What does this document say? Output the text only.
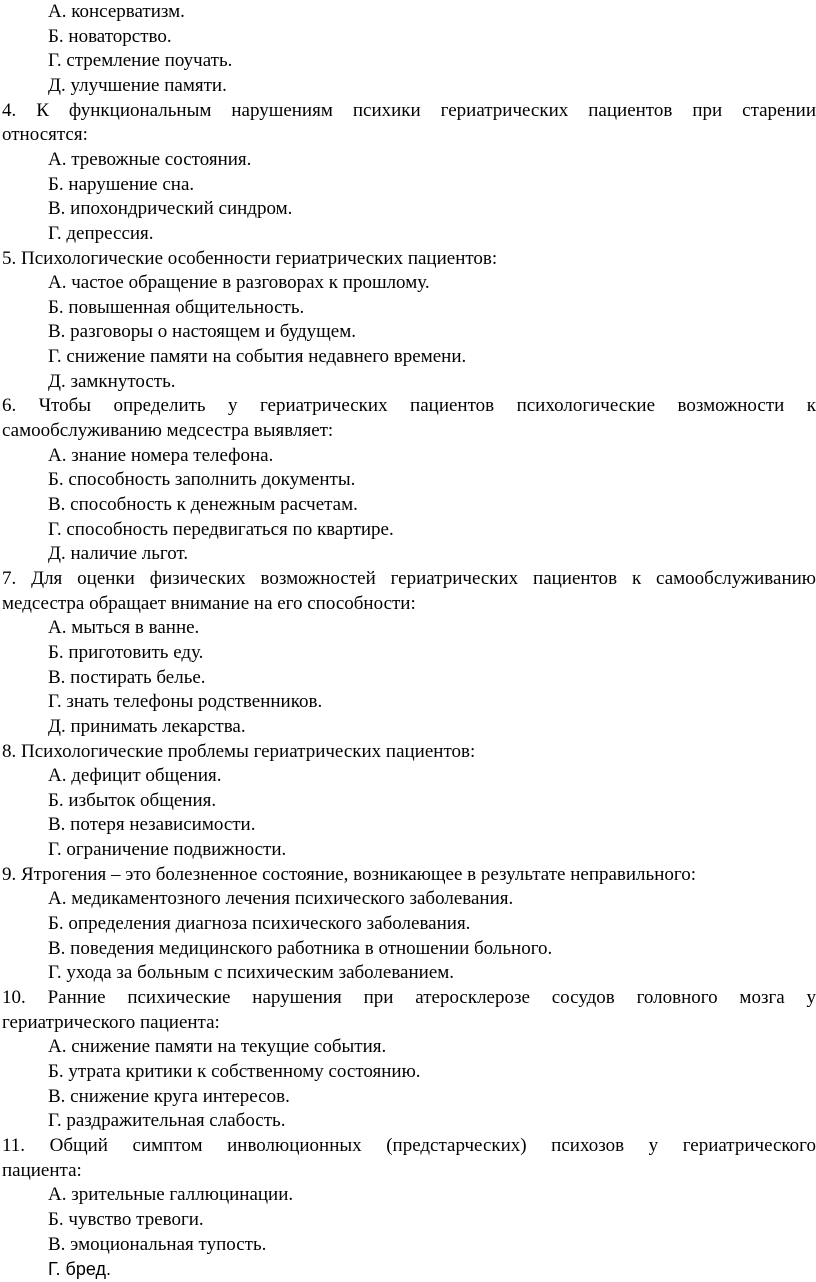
А. консерватизм.
Б. новаторство.
Г. стремление поучать.
Д. улучшение памяти.
4. К функциональным нарушениям психики гериатрических пациентов при старении
относятся:
А. тревожные состояния.
Б. нарушение сна.
В. ипохондрический синдром.
Г. депрессия.
5. Психологические особенности гериатрических пациентов:
А. частое обращение в разговорах к прошлому.
Б. повышенная общительность.
В. разговоры о настоящем и будущем.
Г. снижение памяти на события недавнего времени.
Д. замкнутость.
6. Чтобы определить у гериатрических пациентов психологические возможности к
самообслуживанию медсестра выявляет:
А. знание номера телефона.
Б. способность заполнить документы.
В. способность к денежным расчетам.
Г. способность передвигаться по квартире.
Д. наличие льгот.
7. Для оценки физических возможностей гериатрических пациентов к самообслуживанию
медсестра обращает внимание на его способности:
А. мыться в ванне.
Б. приготовить еду.
В. постирать белье.
Г. знать телефоны родственников.
Д. принимать лекарства.
8. Психологические проблемы гериатрических пациентов:
А. дефицит общения.
Б. избыток общения.
В. потеря независимости.
Г. ограничение подвижности.
9. Ятрогения – это болезненное состояние, возникающее в результате неправильного:
А. медикаментозного лечения психического заболевания.
Б. определения диагноза психического заболевания.
В. поведения медицинского работника в отношении больного.
Г. ухода за больным с психическим заболеванием.
10. Ранние психические нарушения при атеросклерозе сосудов головного мозга у
гериатрического пациента:
А. снижение памяти на текущие события.
Б. утрата критики к собственному состоянию.
В. снижение круга интересов.
Г. раздражительная слабость.
11. Общий симптом инволюционных (предстарческих) психозов у гериатрического
пациента:
А. зрительные галлюцинации.
Б. чувство тревоги.
В. эмоциональная тупость.
Г. бред.
